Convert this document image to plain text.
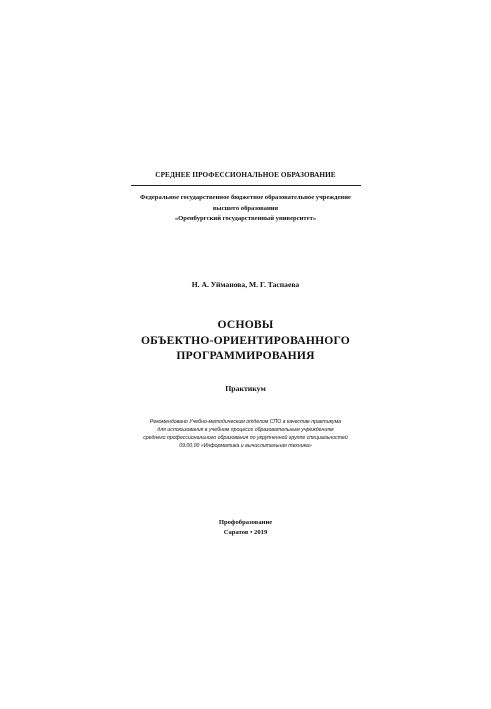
СРЕДНЕЕ ПРОФЕССИОНАЛЬНОЕ ОБРАЗОВАНИЕ
Федеральное государственное бюджетное образовательное учреждение
высшего образования
«Оренбургский государственный университет»
Н. А. Уйманова, М. Г. Таспаева
ОСНОВЫ
ОБЪЕКТНО-ОРИЕНТИРОВАННОГО
ПРОГРАММИРОВАНИЯ
Практикум
Рекомендовано Учебно-методическим отделом СПО в качестве практикума
для использования в учебном процессе образовательным учреждениям
среднего профессионального образования по укрупненной группе специальностей
09.00.00 «Информатика и вычислительная техника»
Профобразование
Саратов • 2019
